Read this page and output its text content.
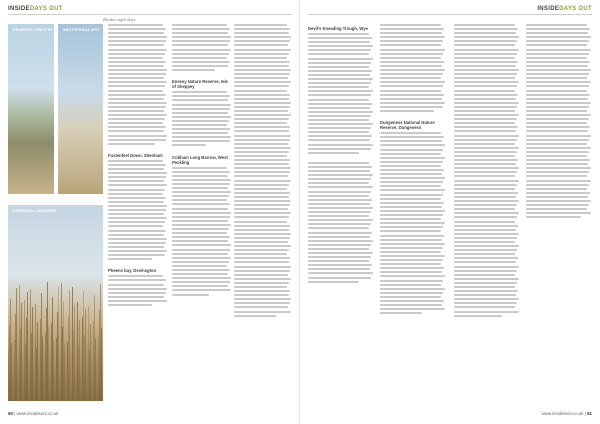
INSIDEDAYS OUT
Border sight days
DEWERSTY FRIOTRY	SHOTTERSGA SPIT
DEGRESIA LINESOFER
Fustenfeel Down, Shenham
Pheens bay, Devinsgton
Enesey Nature Reserve, Isle of Sheppey
Cobham Long Barrow, West Peckling
60 | www.insidekent.co.uk
INSIDEDAYS OUT
Devil's Kneading Trough, Wye
Dungeness National Nature Reserve, Dungeness
www.insidekent.co.uk | 61
